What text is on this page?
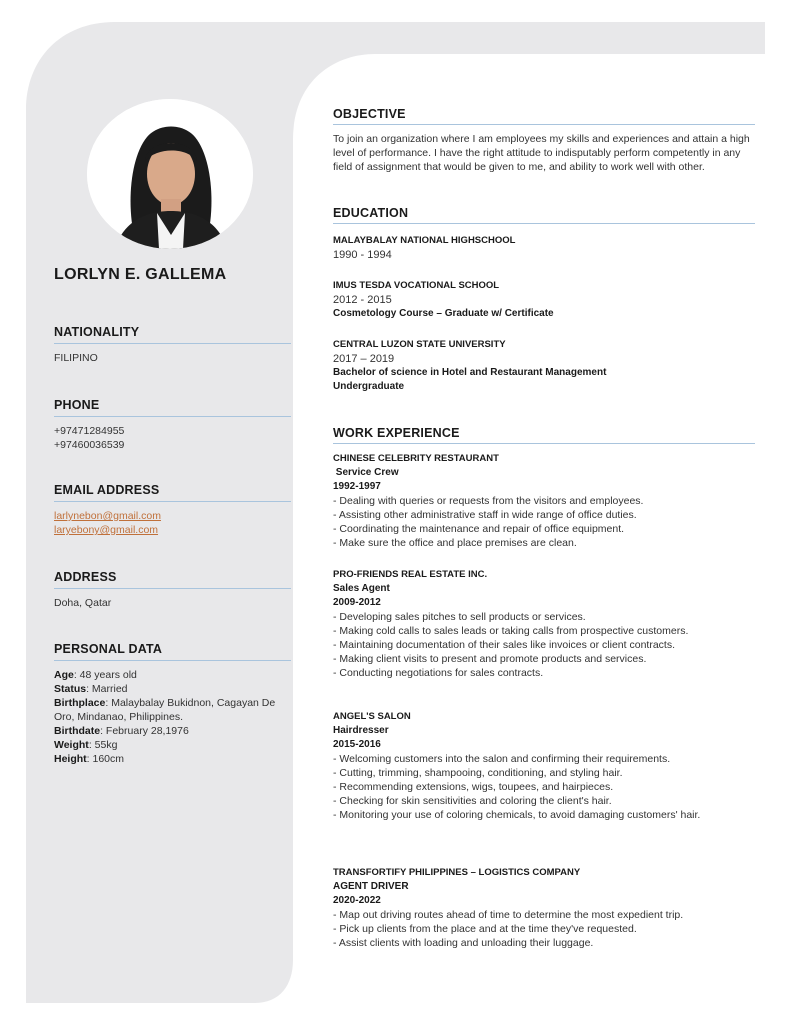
LORLYN E. GALLEMA
NATIONALITY
FILIPINO
PHONE
+97471284955
+97460036539
EMAIL ADDRESS
larlynebon@gmail.com
laryebony@gmail.com
ADDRESS
Doha, Qatar
PERSONAL DATA
Age: 48 years old
Status: Married
Birthplace: Malaybalay Bukidnon, Cagayan De Oro, Mindanao, Philippines.
Birthdate: February 28,1976
Weight: 55kg
Height: 160cm
OBJECTIVE
To join an organization where I am employees my skills and experiences and attain a high level of performance. I have the right attitude to indisputably perform competently in any field of assignment that would be given to me, and ability to work well with other.
EDUCATION
MALAYBALAY NATIONAL HIGHSCHOOL
1990 - 1994
IMUS TESDA VOCATIONAL SCHOOL
2012 - 2015
Cosmetology Course – Graduate w/ Certificate
CENTRAL LUZON STATE UNIVERSITY
2017 – 2019
Bachelor of science in Hotel and Restaurant Management
Undergraduate
WORK EXPERIENCE
CHINESE CELEBRITY RESTAURANT
Service Crew
1992-1997
- Dealing with queries or requests from the visitors and employees.
- Assisting other administrative staff in wide range of office duties.
- Coordinating the maintenance and repair of office equipment.
- Make sure the office and place premises are clean.
PRO-FRIENDS REAL ESTATE INC.
Sales Agent
2009-2012
- Developing sales pitches to sell products or services.
- Making cold calls to sales leads or taking calls from prospective customers.
- Maintaining documentation of their sales like invoices or client contracts.
- Making client visits to present and promote products and services.
- Conducting negotiations for sales contracts.
ANGEL'S SALON
Hairdresser
2015-2016
- Welcoming customers into the salon and confirming their requirements.
- Cutting, trimming, shampooing, conditioning, and styling hair.
- Recommending extensions, wigs, toupees, and hairpieces.
- Checking for skin sensitivities and coloring the client's hair.
- Monitoring your use of coloring chemicals, to avoid damaging customers' hair.
TRANSFORTIFY PHILIPPINES – LOGISTICS COMPANY
AGENT DRIVER
2020-2022
- Map out driving routes ahead of time to determine the most expedient trip.
- Pick up clients from the place and at the time they've requested.
- Assist clients with loading and unloading their luggage.
